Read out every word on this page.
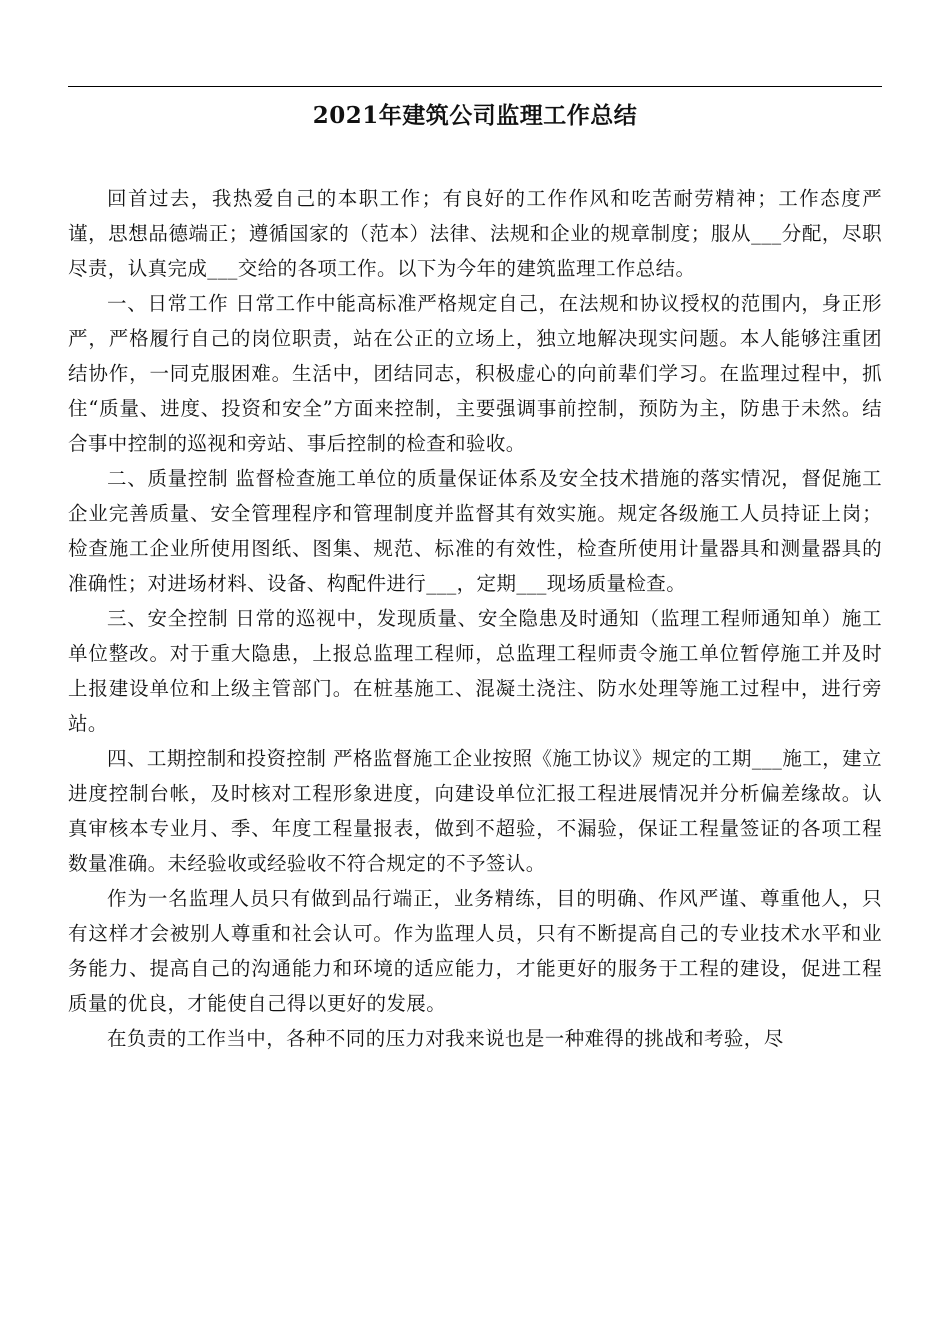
2021年建筑公司监理工作总结

回首过去，我热爱自己的本职工作；有良好的工作作风和吃苦耐劳精神；工作态度严谨，思想品德端正；遵循国家的（范本）法律、法规和企业的规章制度；服从___分配，尽职尽责，认真完成___交给的各项工作。以下为今年的建筑监理工作总结。

一、日常工作 日常工作中能高标准严格规定自己，在法规和协议授权的范围内，身正形严，严格履行自己的岗位职责，站在公正的立场上，独立地解决现实问题。本人能够注重团结协作，一同克服困难。生活中，团结同志，积极虚心的向前辈们学习。在监理过程中，抓住“质量、进度、投资和安全”方面来控制，主要强调事前控制，预防为主，防患于未然。结合事中控制的巡视和旁站、事后控制的检查和验收。

二、质量控制 监督检查施工单位的质量保证体系及安全技术措施的落实情况，督促施工企业完善质量、安全管理程序和管理制度并监督其有效实施。规定各级施工人员持证上岗；检查施工企业所使用图纸、图集、规范、标准的有效性，检查所使用计量器具和测量器具的准确性；对进场材料、设备、构配件进行___，定期___现场质量检查。

三、安全控制 日常的巡视中，发现质量、安全隐患及时通知（监理工程师通知单）施工单位整改。对于重大隐患，上报总监理工程师，总监理工程师责令施工单位暂停施工并及时上报建设单位和上级主管部门。在桩基施工、混凝土浇注、防水处理等施工过程中，进行旁站。

四、工期控制和投资控制 严格监督施工企业按照《施工协议》规定的工期___施工，建立进度控制台帐，及时核对工程形象进度，向建设单位汇报工程进展情况并分析偏差缘故。认真审核本专业月、季、年度工程量报表，做到不超验，不漏验，保证工程量签证的各项工程数量准确。未经验收或经验收不符合规定的不予签认。

作为一名监理人员只有做到品行端正，业务精练，目的明确、作风严谨、尊重他人，只有这样才会被别人尊重和社会认可。作为监理人员，只有不断提高自己的专业技术水平和业务能力、提高自己的沟通能力和环境的适应能力，才能更好的服务于工程的建设，促进工程质量的优良，才能使自己得以更好的发展。

在负责的工作当中，各种不同的压力对我来说也是一种难得的挑战和考验，尽
